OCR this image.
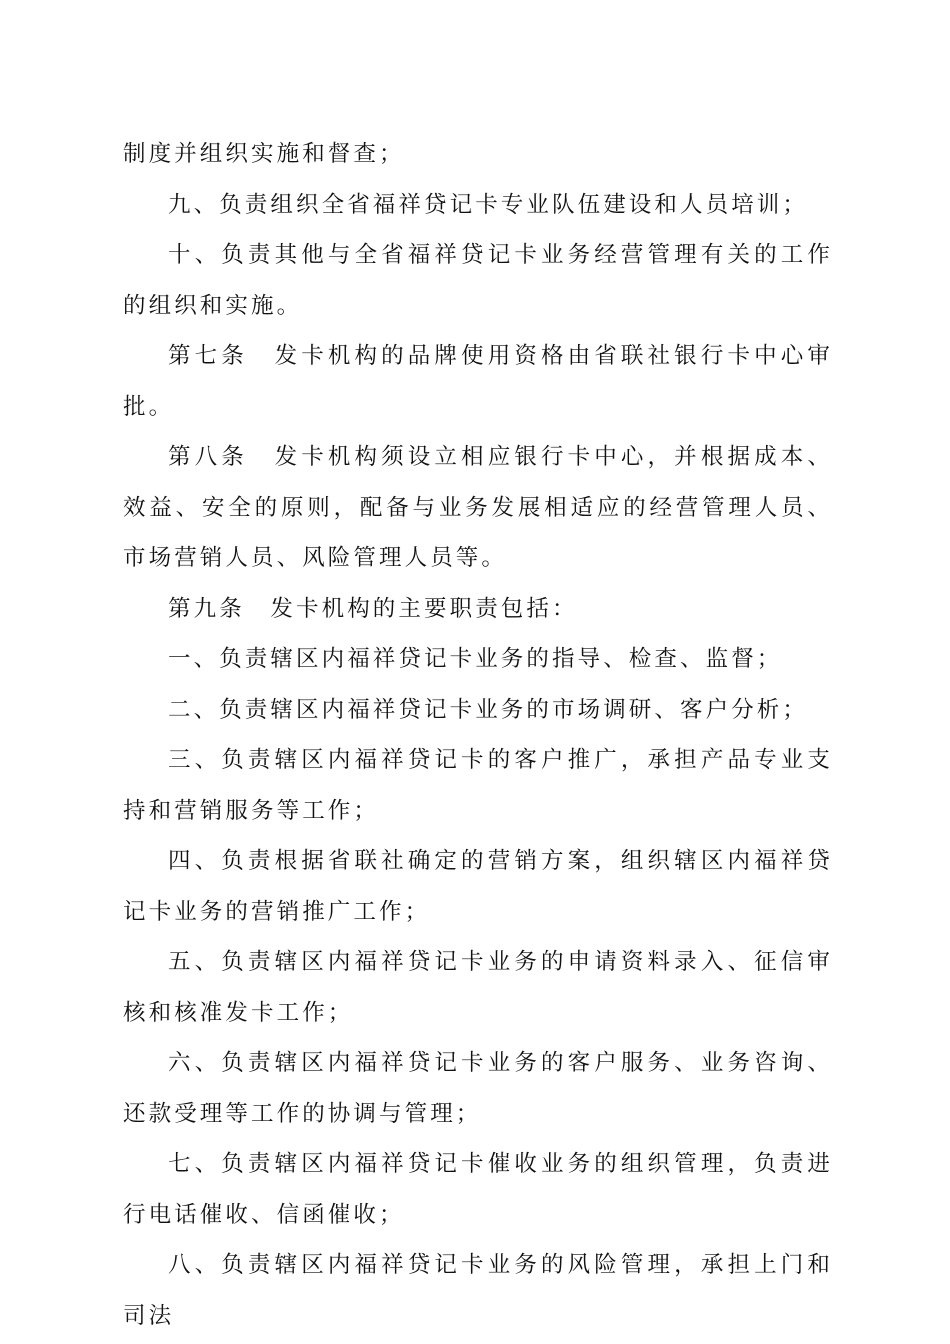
制度并组织实施和督查；

九、负责组织全省福祥贷记卡专业队伍建设和人员培训；

十、负责其他与全省福祥贷记卡业务经营管理有关的工作的组织和实施。

第七条　发卡机构的品牌使用资格由省联社银行卡中心审批。

第八条　发卡机构须设立相应银行卡中心，并根据成本、效益、安全的原则，配备与业务发展相适应的经营管理人员、市场营销人员、风险管理人员等。

第九条　发卡机构的主要职责包括：

一、负责辖区内福祥贷记卡业务的指导、检查、监督；

二、负责辖区内福祥贷记卡业务的市场调研、客户分析；

三、负责辖区内福祥贷记卡的客户推广，承担产品专业支持和营销服务等工作；

四、负责根据省联社确定的营销方案，组织辖区内福祥贷记卡业务的营销推广工作；

五、负责辖区内福祥贷记卡业务的申请资料录入、征信审核和核准发卡工作；

六、负责辖区内福祥贷记卡业务的客户服务、业务咨询、还款受理等工作的协调与管理；

七、负责辖区内福祥贷记卡催收业务的组织管理，负责进行电话催收、信函催收；

八、负责辖区内福祥贷记卡业务的风险管理，承担上门和司法
